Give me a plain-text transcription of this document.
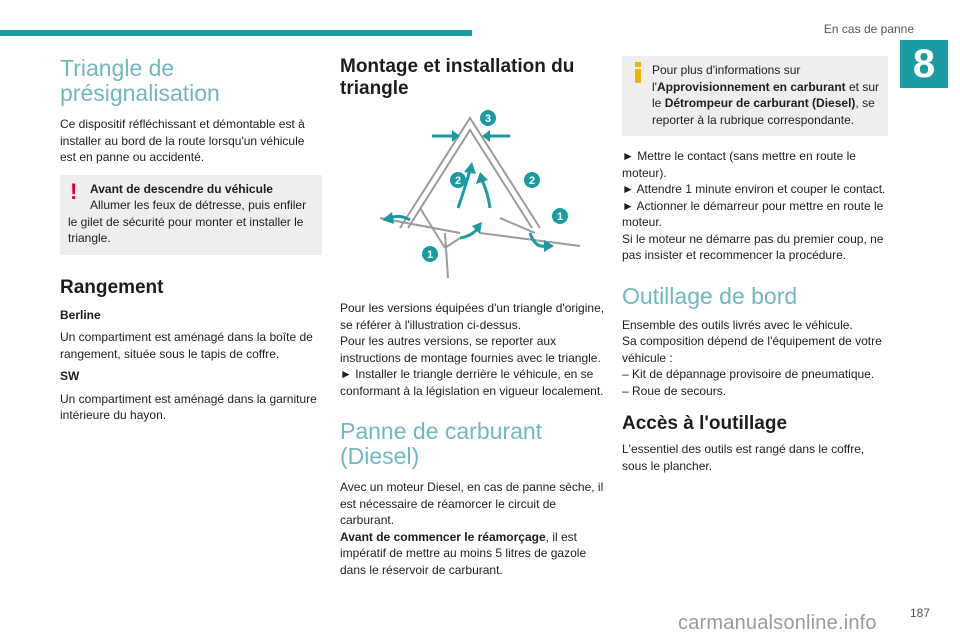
En cas de panne
8
Triangle de présignalisation

Ce dispositif réfléchissant et démontable est à installer au bord de la route lorsqu'un véhicule est en panne ou accidenté.

!	Avant de descendre du véhicule

Allumer les feux de détresse, puis enfiler le gilet de sécurité pour monter et installer le triangle.

Rangement

Berline

Un compartiment est aménagé dans la boîte de rangement, située sous le tapis de coffre.

SW

Un compartiment est aménagé dans la garniture intérieure du hayon.

Montage et installation du triangle
3
2	2
1
1

Pour les versions équipées d'un triangle d'origine, se référer à l'illustration ci-dessus.

Pour les autres versions, se reporter aux instructions de montage fournies avec le triangle.

► Installer le triangle derrière le véhicule, en se conformant à la législation en vigueur localement.

Panne de carburant (Diesel)

Avec un moteur Diesel, en cas de panne sèche, il est nécessaire de réamorcer le circuit de carburant.

Avant de commencer le réamorçage, il est impératif de mettre au moins 5 litres de gazole dans le réservoir de carburant.

Pour plus d'informations sur l'Approvisionnement en carburant et sur le Détrompeur de carburant (Diesel), se reporter à la rubrique correspondante.

► Mettre le contact (sans mettre en route le moteur).

► Attendre 1 minute environ et couper le contact.

► Actionner le démarreur pour mettre en route le moteur.

Si le moteur ne démarre pas du premier coup, ne pas insister et recommencer la procédure.

Outillage de bord

Ensemble des outils livrés avec le véhicule.

Sa composition dépend de l'équipement de votre véhicule :

– Kit de dépannage provisoire de pneumatique.

– Roue de secours.

Accès à l'outillage

L'essentiel des outils est rangé dans le coffre, sous le plancher.

187
carmanualsonline.info
